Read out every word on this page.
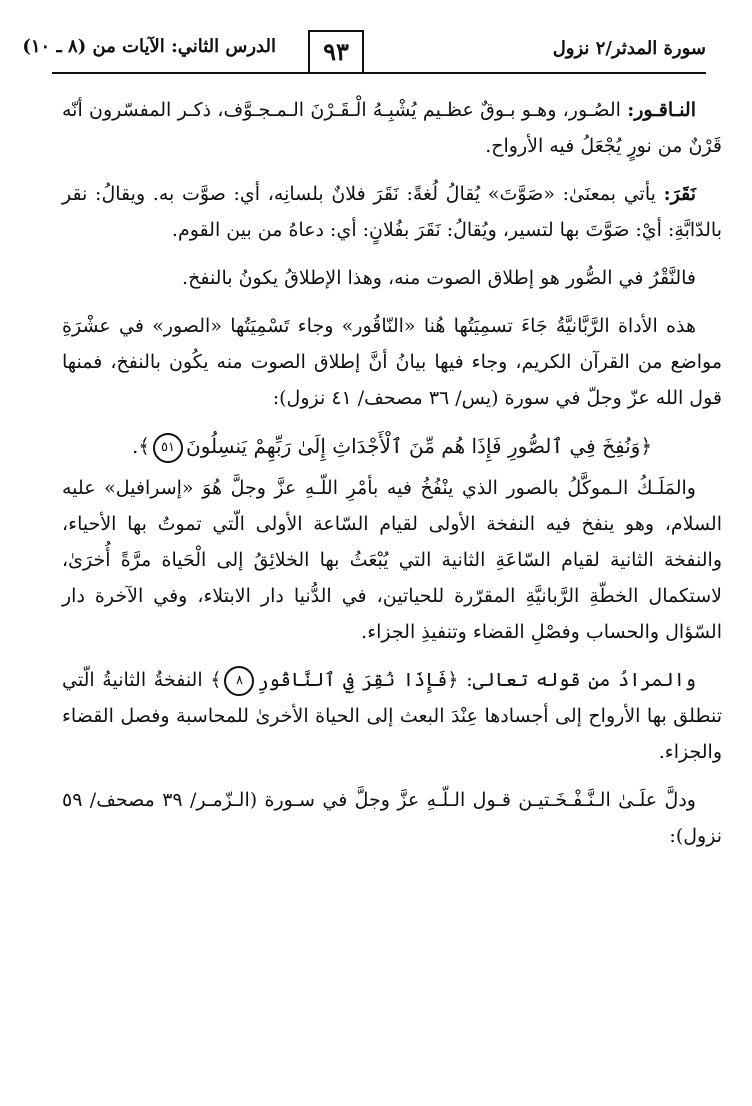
سورة المدثر/٢ نزول
٩٣
الدرس الثاني: الآيات من (٨ ـ ١٠)

النـاقـور: الصُـور، وهـو بـوقٌ عظـيم يُشْبِـهُ الْـقَـرْنَ الـمـجـوَّف، ذكـر المفسّرون أنّه قَرْنٌ من نورٍ يُجْعَلُ فيه الأرواح.

نَقَرَ: يأتي بمعنَىٰ: «صَوَّتَ» يُقالُ لُغةً: نَقَرَ فلانٌ بلسانِه، أي: صوَّت به. ويقالُ: نقر بالدّابَّةِ: أيْ: صَوَّتَ بها لتسير، ويُقالُ: نَقَرَ بفُلانٍ: أي: دعاهُ من بين القوم.

فالنَّقْرُ في الصُّور هو إطلاق الصوت منه، وهذا الإطلاقُ يكونُ بالنفخ.

هذه الأداة الرَّبَّانيَّةُ جَاءَ تسمِيَتُها هُنا «النّاقُور» وجاء تَسْمِيَتُها «الصور» في عشْرَةِ مواضع من القرآن الكريم، وجاء فيها بيانُ أنَّ إطلاق الصوت منه يكُون بالنفخ، فمنها قول الله عزّ وجلّ في سورة (يس/ ٣٦ مصحف/ ٤١ نزول):

﴿وَنُفِخَ فِي ٱلصُّورِ فَإِذَا هُم مِّنَ ٱلْأَجْدَاثِ إِلَىٰ رَبِّهِمْ يَنسِلُونَ٥١﴾.

والمَلَـكُ الـموكَّلُ بالصور الذي ينْفُخُ فيه بأمْرِ اللّـهِ عزَّ وجلَّ هُوَ «إسرافيل» عليه السلام، وهو ينفخ فيه النفخة الأولى لقيام السّاعة الأولى الّتي تموتُ بها الأحياء، والنفخة الثانية لقيام السّاعَةِ الثانية التي يُبْعَثُ بها الخلائِقُ إلى الْحَياة مرَّةً أُخرَىٰ، لاستكمال الخطّةِ الرَّبانيَّةِ المقرّرة للحياتين، في الدُّنيا دار الابتلاء، وفي الآخرة دار السّؤال والحساب وفصْلِ القضاء وتنفيذِ الجزاء.

والمرادُ من قوله تعالى: ﴿فَإِذَا نُقِرَ فِي ٱلنَّاقُورِ٨﴾ النفخةُ الثانيةُ الّتي تنطلق بها الأرواح إلى أجسادها عِنْدَ البعث إلى الحياة الأخرىٰ للمحاسبة وفصل القضاء والجزاء.

ودلَّ علَـىٰ الـنَّـفْـخَـتيـن قـول الـلّـهِ عزَّ وجلَّ في سـورة (الـزّمـر/ ٣٩ مصحف/ ٥٩ نزول):
